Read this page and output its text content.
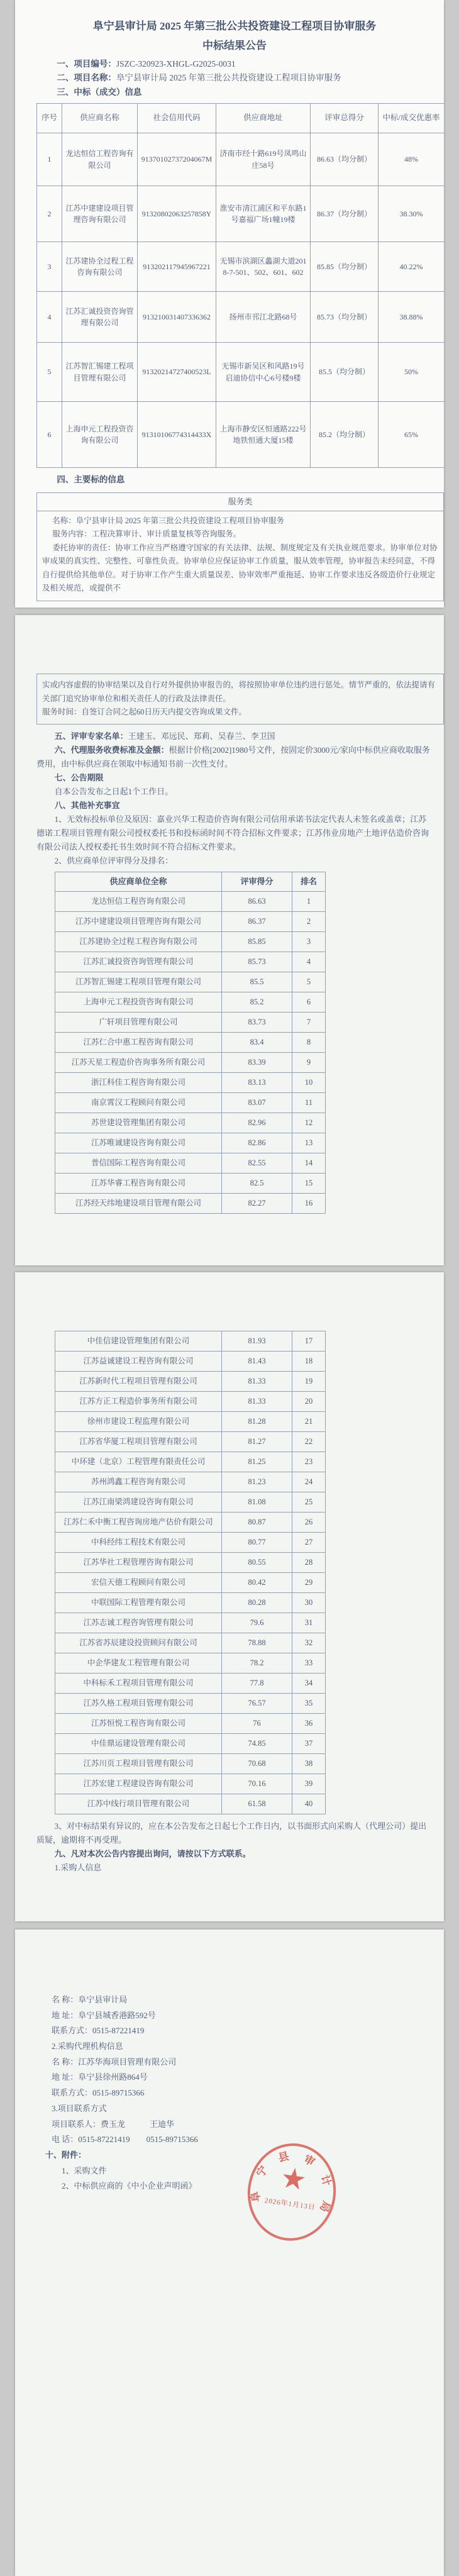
阜宁县审计局 2025 年第三批公共投资建设工程项目协审服务
中标结果公告

一、项目编号：JSZC-320923-XHGL-G2025-0031

二、项目名称：阜宁县审计局 2025 年第三批公共投资建设工程项目协审服务

三、中标（成交）信息

序号	供应商名称	社会信用代码	供应商地址	评审总得分	中标/成交优惠率
1	龙达恒信工程咨询有限公司	91370102737204067M	济南市经十路619号凤鸣山庄58号	86.63（均分制）	48%
2	江苏中建建设项目管理咨询有限公司	91320802063257858Y	淮安市清江浦区和平东路1号嘉福广场1幢19楼	86.37（均分制）	38.30%
3	江苏建协全过程工程咨询有限公司	913202117945967221	无锡市滨湖区蠡湖大道2018-7-501、502、601、602	85.85（均分制）	40.22%
4	江苏汇诚投资咨询管理有限公司	913210031407336362	扬州市邗江北路68号	85.73（均分制）	38.88%
5	江苏智汇锡建工程项目管理有限公司	91320214727400523L	无锡市新吴区和风路19号启迪协信中心6号楼9楼	85.5（均分制）	50%
6	上海申元工程投资咨询有限公司	91310106774314433X	上海市静安区恒通路222号地铁恒通大厦15楼	85.2（均分制）	65%

四、主要标的信息

服务类

名称：阜宁县审计局 2025 年第三批公共投资建设工程项目协审服务

服务内容：工程决算审计、审计质量复核等咨询服务。

委托协审的责任：协审工作应当严格遵守国家的有关法律、法规、制度规定及有关执业规范要求。协审单位对协审成果的真实性、完整性、可靠性负责。协审单位应保证协审工作质量，服从效率管理，协审报告未经同意，不得自行提供给其他单位。对于协审工作产生重大质量误差、协审效率严重拖延、协审工作要求违反各级造价行业规定及相关规范，或提供不

实或内容虚假的协审结果以及自行对外提供协审报告的，将按照协审单位违约进行惩处。情节严重的，依法提请有关部门追究协审单位和相关责任人的行政及法律责任。

服务时间：自签订合同之起60日历天内提交咨询成果文件。

五、评审专家名单：王建玉、邓远民、郑莉、吴春兰、李卫国

六、代理服务收费标准及金额：根据计价格[2002]1980号文件，按固定价3000元/家向中标供应商收取服务费用，由中标供应商在领取中标通知书前一次性支付。

七、公告期限

自本公告发布之日起1个工作日。

八、其他补充事宜

1、无效标投标单位及原因：嘉业兴华工程造价咨询有限公司信用承诺书法定代表人未签名或盖章；江苏德诺工程项目管理有限公司授权委托书和投标函时间不符合招标文件要求；江苏伟业房地产土地评估造价咨询有限公司法人授权委托书生效时间不符合招标文件要求。

2、供应商单位评审得分及排名：

供应商单位全称	评审得分	排名
龙达恒信工程咨询有限公司	86.63	1
江苏中建建设项目管理咨询有限公司	86.37	2
江苏建协全过程工程咨询有限公司	85.85	3
江苏汇诚投资咨询管理有限公司	85.73	4
江苏智汇锡建工程项目管理有限公司	85.5	5
上海申元工程投资咨询有限公司	85.2	6
广轩项目管理有限公司	83.73	7
江苏仁合中惠工程咨询有限公司	83.4	8
江苏天星工程造价咨询事务所有限公司	83.39	9
浙江科佳工程咨询有限公司	83.13	10
南京霄汉工程顾问有限公司	83.07	11
苏世建设管理集团有限公司	82.96	12
江苏唯诚建设咨询有限公司	82.86	13
普信国际工程咨询有限公司	82.55	14
江苏华睿工程咨询有限公司	82.5	15
江苏经天纬地建设项目管理有限公司	82.27	16
中佳信建设管理集团有限公司	81.93	17
江苏益诚建设工程咨询有限公司	81.43	18
江苏新时代工程项目管理有限公司	81.33	19
江苏方正工程造价事务所有限公司	81.33	20
徐州市建设工程监理有限公司	81.28	21
江苏省华厦工程项目管理有限公司	81.27	22
中环建（北京）工程管理有限责任公司	81.25	23
苏州鸿鑫工程咨询有限公司	81.23	24
江苏江南梁鸿建设咨询有限公司	81.08	25
江苏仁禾中衡工程咨询房地产估价有限公司	80.87	26
中科经纬工程技术有限公司	80.77	27
江苏华社工程管理咨询有限公司	80.55	28
宏信天德工程顾问有限公司	80.42	29
中联国际工程管理有限公司	80.28	30
江苏志诚工程咨询管理有限公司	79.6	31
江苏省苏辰建设投资顾问有限公司	78.88	32
中企华建友工程管理有限公司	78.2	33
中科标禾工程项目管理有限公司	77.8	34
江苏久格工程项目管理有限公司	76.57	35
江苏恒悦工程咨询有限公司	76	36
中佳鼎运建设管理有限公司	74.85	37
江苏川页工程项目管理有限公司	70.68	38
江苏宏建工程建设咨询有限公司	70.16	39
江苏中线行项目管理有限公司	61.58	40

3、对中标结果有异议的，应在本公告发布之日起七个工作日内，以书面形式向采购人（代理公司）提出质疑，逾期将不再受理。

九、凡对本次公告内容提出询问，请按以下方式联系。

1.采购人信息

名 称：阜宁县审计局

地 址：阜宁县城香港路592号

联系方式：0515-87221419

2.采购代理机构信息

名 称：江苏华海项目管理有限公司

地 址：阜宁县徐州路864号

联系方式：0515-89715366

3.项目联系方式

项目联系人：费玉龙　　　王迪华

电 话：0515-87221419　　0515-89715366

十、附件：

1、采购文件

2、中标供应商的《中小企业声明函》

阜
宁
县 审
计
局
★
2026年1月13日
